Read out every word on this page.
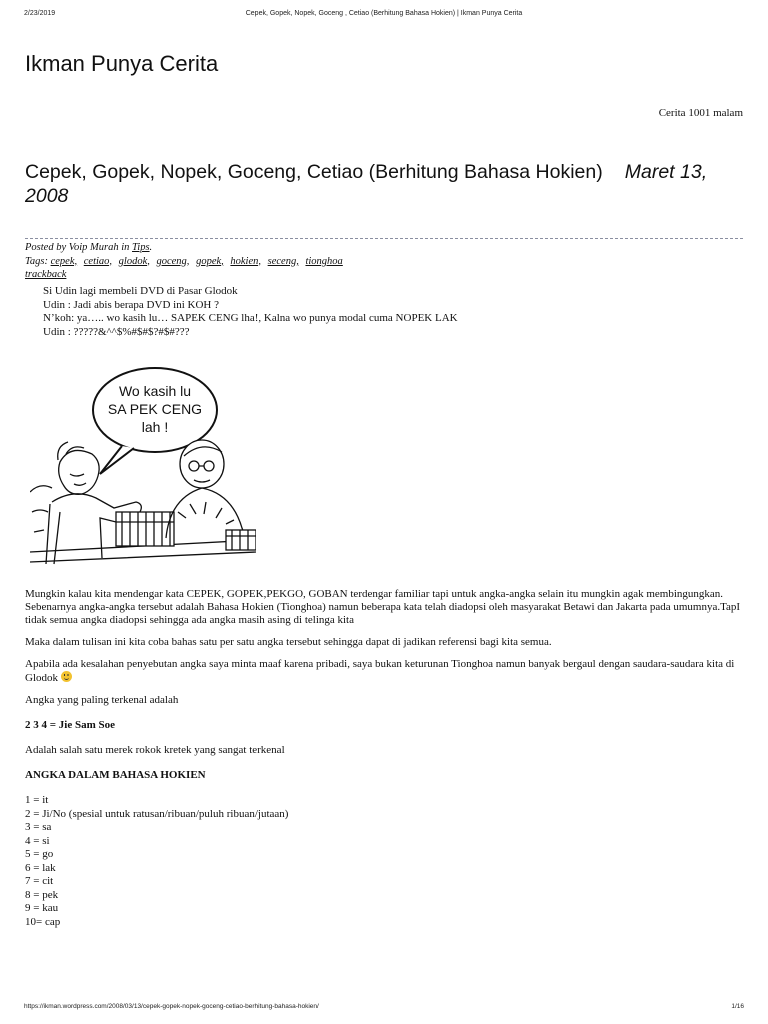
2/23/2019	Cepek, Gopek, Nopek, Goceng , Cetiao (Berhitung Bahasa Hokien) | Ikman Punya Cerita
Ikman Punya Cerita
Cerita 1001 malam
Cepek, Gopek, Nopek, Goceng, Cetiao (Berhitung Bahasa Hokien) Maret 13, 2008
Posted by Voip Murah in Tips.
Tags: cepek, cetiao, glodok, goceng, gopek, hokien, seceng, tionghoa
trackback
Si Udin lagi membeli DVD di Pasar Glodok
Udin : Jadi abis berapa DVD ini KOH ?
N’koh: ya….. wo kasih lu… SAPEK CENG lha!, Kalna wo punya modal cuma NOPEK LAK
Udin : ?????&^^$%#$#$?#$#???
Wo kasih lu
SA PEK CENG
lah !

Mungkin kalau kita mendengar kata CEPEK, GOPEK,PEKGO, GOBAN terdengar familiar tapi untuk angka-angka selain itu mungkin agak membingungkan.

Sebenarnya angka-angka tersebut adalah Bahasa Hokien (Tionghoa) namun beberapa kata telah diadopsi oleh masyarakat Betawi dan Jakarta pada umumnya.TapI tidak semua angka diadopsi sehingga ada angka masih asing di telinga kita

Maka dalam tulisan ini kita coba bahas satu per satu angka tersebut sehingga dapat di jadikan referensi bagi kita semua.

Apabila ada kesalahan penyebutan angka saya minta maaf karena pribadi, saya bukan keturunan Tionghoa namun banyak bergaul dengan saudara-saudara kita di Glodok

Angka yang paling terkenal adalah

2 3 4 = Jie Sam Soe

Adalah salah satu merek rokok kretek yang sangat terkenal

ANGKA DALAM BAHASA HOKIEN

1 = it
2 = Ji/No (spesial untuk ratusan/ribuan/puluh ribuan/jutaan)
3 = sa
4 = si
5 = go
6 = lak
7 = cit
8 = pek
9 = kau
10= cap
https://ikman.wordpress.com/2008/03/13/cepek-gopek-nopek-goceng-cetiao-berhitung-bahasa-hokien/	1/16
